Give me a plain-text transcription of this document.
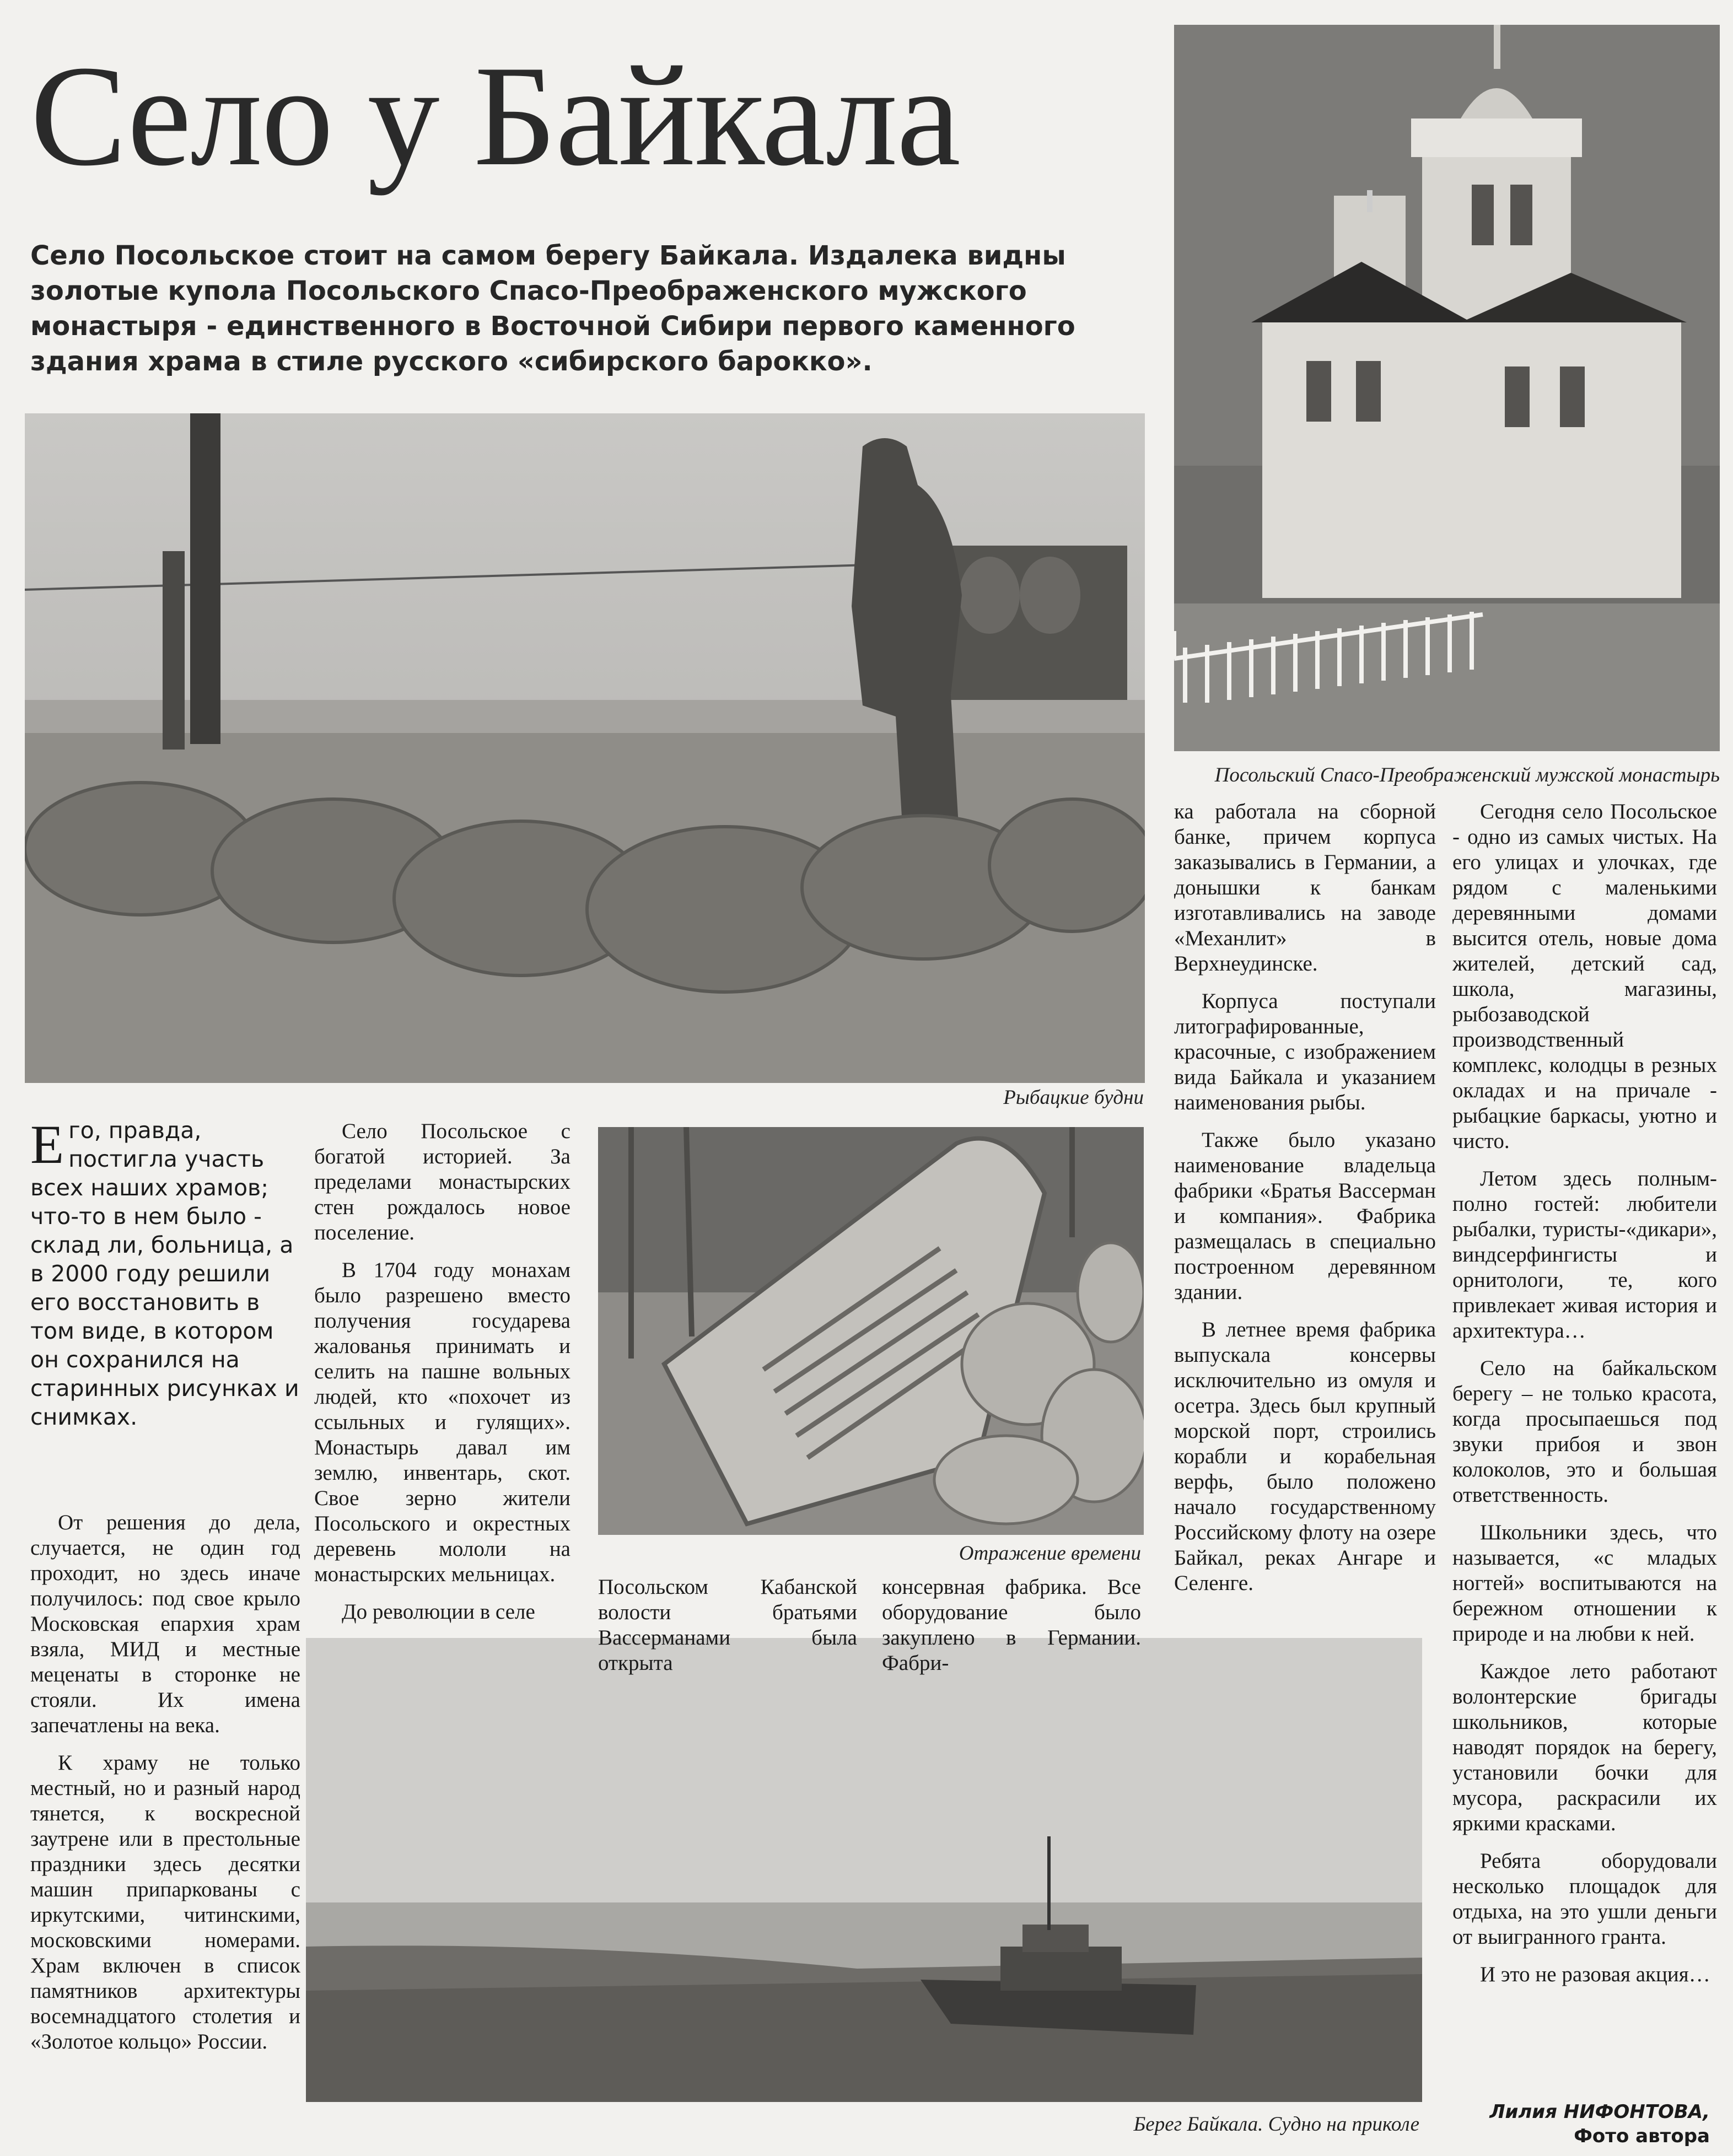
Село у Байкала
Село Посольское стоит на самом берегу Байкала. Издалека видны золотые купола Посольского Спасо-Преображенского мужского монастыря - единственного в Восточной Сибири первого каменного здания храма в стиле русского «сибирского барокко».
Рыбацкие будни
Посольский Спасо-Преображенский мужской монастырь
Отражение времени
Берег Байкала. Судно на приколе
Его, правда, постигла участь всех наших храмов; что-то в нем было - склад ли, больница, а в 2000 году решили его восстановить в том виде, в котором он сохранился на старинных рисунках и снимках.

От решения до дела, случается, не один год проходит, но здесь иначе получилось: под свое крыло Московская епархия храм взяла, МИД и местные меценаты в сторонке не стояли. Их имена запечатлены на века.

К храму не только местный, но и разный народ тянется, к воскресной заутрене или в престольные праздники здесь десятки машин припаркованы с иркутскими, читинскими, московскими номерами. Храм включен в список памятников архитектуры восемнадцатого столетия и «Золотое кольцо» России.

Село Посольское с богатой историей. За пределами монастырских стен рождалось новое поселение.

В 1704 году монахам было разрешено вместо получения государева жалованья принимать и селить на пашне вольных людей, кто «похочет из ссыльных и гулящих». Монастырь давал им землю, инвентарь, скот. Свое зерно жители Посольского и окрестных деревень мололи на монастырских мельницах.

До революции в селе

Посольском Кабанской волости братьями Вассерманами была открыта

консервная фабрика. Все оборудование было закуплено в Германии. Фабри-

ка работала на сборной банке, причем корпуса заказывались в Германии, а донышки к банкам изготавливались на заводе «Механлит» в Верхнеудинске.

Корпуса поступали литографированные, красочные, с изображением вида Байкала и указанием наименования рыбы.

Также было указано наименование владельца фабрики «Братья Вассерман и компания». Фабрика размещалась в специально построенном деревянном здании.

В летнее время фабрика выпускала консервы исключительно из омуля и осетра. Здесь был крупный морской порт, строились корабли и корабельная верфь, было положено начало государственному Российскому флоту на озере Байкал, реках Ангаре и Селенге.

Сегодня село Посольское - одно из самых чистых. На его улицах и улочках, где рядом с маленькими деревянными домами высится отель, новые дома жителей, детский сад, школа, магазины, рыбозаводской производственный комплекс, колодцы в резных окладах и на причале - рыбацкие баркасы, уютно и чисто.

Летом здесь полным-полно гостей: любители рыбалки, туристы-«дикари», виндсерфингисты и орнитологи, те, кого привлекает живая история и архитектура…

Село на байкальском берегу – не только красота, когда просыпаешься под звуки прибоя и звон колоколов, это и большая ответственность.

Школьники здесь, что называется, «с младых ногтей» воспитываются на бережном отношении к природе и на любви к ней.

Каждое лето работают волонтерские бригады школьников, которые наводят порядок на берегу, установили бочки для мусора, раскрасили их яркими красками.

Ребята оборудовали несколько площадок для отдыха, на это ушли деньги от выигранного гранта.

И это не разовая акция…

Лилия НИФОНТОВА,
Фото автора
